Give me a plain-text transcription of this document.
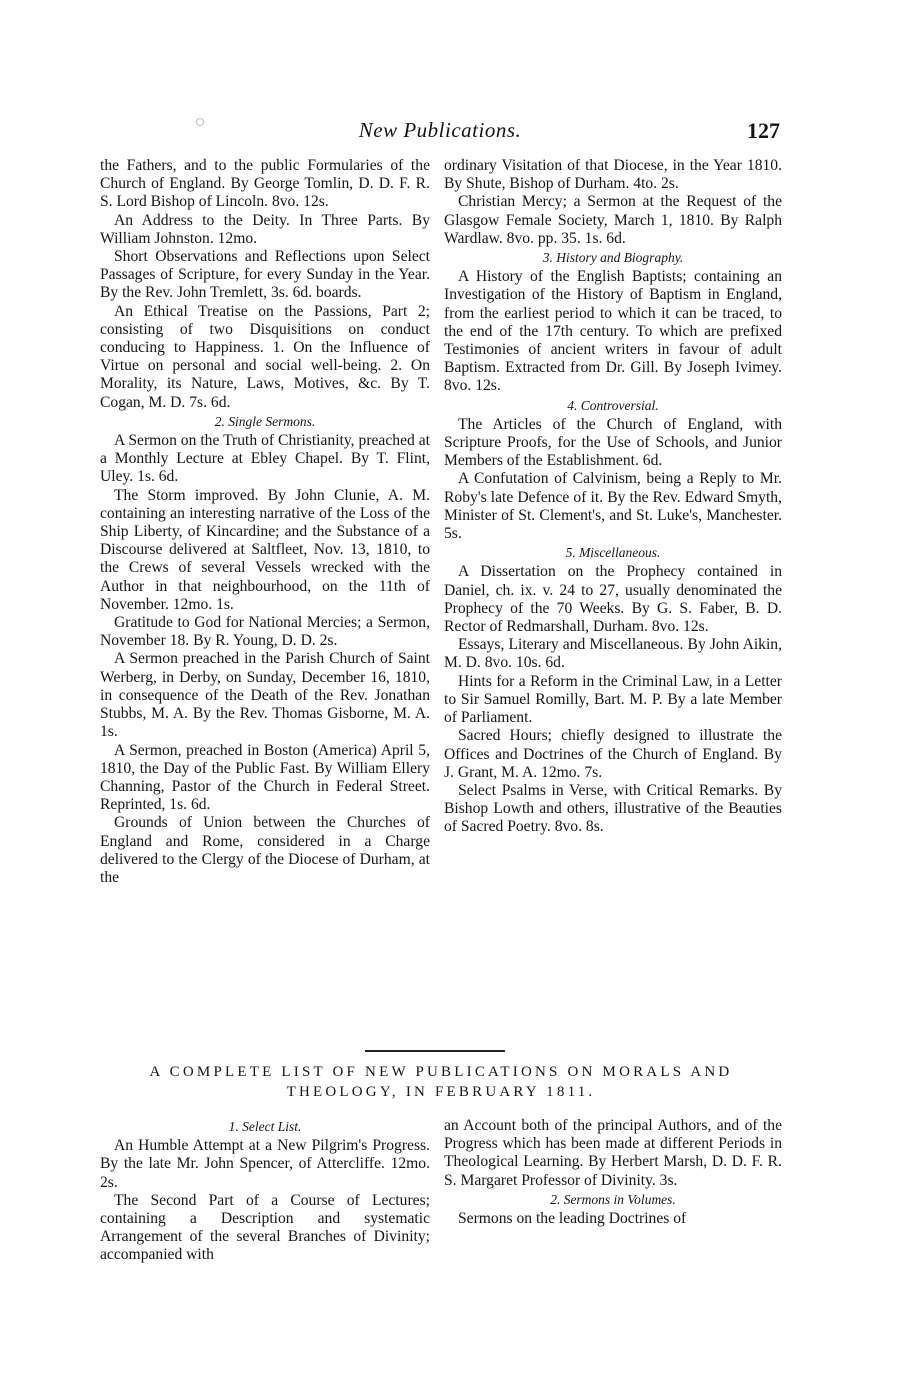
New Publications.	127

the Fathers, and to the public Formularies of the Church of England. By George Tomlin, D. D. F. R. S. Lord Bishop of Lincoln. 8vo. 12s.

An Address to the Deity. In Three Parts. By William Johnston. 12mo.

Short Observations and Reflections upon Select Passages of Scripture, for every Sunday in the Year. By the Rev. John Tremlett, 3s. 6d. boards.

An Ethical Treatise on the Passions, Part 2; consisting of two Disquisitions on conduct conducing to Happiness. 1. On the Influence of Virtue on personal and social well-being. 2. On Morality, its Nature, Laws, Motives, &c. By T. Cogan, M. D. 7s. 6d.

2. Single Sermons.

A Sermon on the Truth of Christianity, preached at a Monthly Lecture at Ebley Chapel. By T. Flint, Uley. 1s. 6d.

The Storm improved. By John Clunie, A. M. containing an interesting narrative of the Loss of the Ship Liberty, of Kincardine; and the Substance of a Discourse delivered at Saltfleet, Nov. 13, 1810, to the Crews of several Vessels wrecked with the Author in that neighbourhood, on the 11th of November. 12mo. 1s.

Gratitude to God for National Mercies; a Sermon, November 18. By R. Young, D. D. 2s.

A Sermon preached in the Parish Church of Saint Werberg, in Derby, on Sunday, December 16, 1810, in consequence of the Death of the Rev. Jonathan Stubbs, M. A. By the Rev. Thomas Gisborne, M. A. 1s.

A Sermon, preached in Boston (America) April 5, 1810, the Day of the Public Fast. By William Ellery Channing, Pastor of the Church in Federal Street. Reprinted, 1s. 6d.

Grounds of Union between the Churches of England and Rome, considered in a Charge delivered to the Clergy of the Diocese of Durham, at the

ordinary Visitation of that Diocese, in the Year 1810. By Shute, Bishop of Durham. 4to. 2s.

Christian Mercy; a Sermon at the Request of the Glasgow Female Society, March 1, 1810. By Ralph Wardlaw. 8vo. pp. 35. 1s. 6d.

3. History and Biography.

A History of the English Baptists; containing an Investigation of the History of Baptism in England, from the earliest period to which it can be traced, to the end of the 17th century. To which are prefixed Testimonies of ancient writers in favour of adult Baptism. Extracted from Dr. Gill. By Joseph Ivimey. 8vo. 12s.

4. Controversial.

The Articles of the Church of England, with Scripture Proofs, for the Use of Schools, and Junior Members of the Establishment. 6d.

A Confutation of Calvinism, being a Reply to Mr. Roby's late Defence of it. By the Rev. Edward Smyth, Minister of St. Clement's, and St. Luke's, Manchester. 5s.

5. Miscellaneous.

A Dissertation on the Prophecy contained in Daniel, ch. ix. v. 24 to 27, usually denominated the Prophecy of the 70 Weeks. By G. S. Faber, B. D. Rector of Redmarshall, Durham. 8vo. 12s.

Essays, Literary and Miscellaneous. By John Aikin, M. D. 8vo. 10s. 6d.

Hints for a Reform in the Criminal Law, in a Letter to Sir Samuel Romilly, Bart. M. P. By a late Member of Parliament.

Sacred Hours; chiefly designed to illustrate the Offices and Doctrines of the Church of England. By J. Grant, M. A. 12mo. 7s.

Select Psalms in Verse, with Critical Remarks. By Bishop Lowth and others, illustrative of the Beauties of Sacred Poetry. 8vo. 8s.

A COMPLETE LIST OF NEW PUBLICATIONS ON MORALS AND
THEOLOGY, IN FEBRUARY 1811.

1. Select List.

An Humble Attempt at a New Pilgrim's Progress. By the late Mr. John Spencer, of Attercliffe. 12mo. 2s.

The Second Part of a Course of Lectures; containing a Description and systematic Arrangement of the several Branches of Divinity; accompanied with

an Account both of the principal Authors, and of the Progress which has been made at different Periods in Theological Learning. By Herbert Marsh, D. D. F. R. S. Margaret Professor of Divinity. 3s.

2. Sermons in Volumes.

Sermons on the leading Doctrines of
